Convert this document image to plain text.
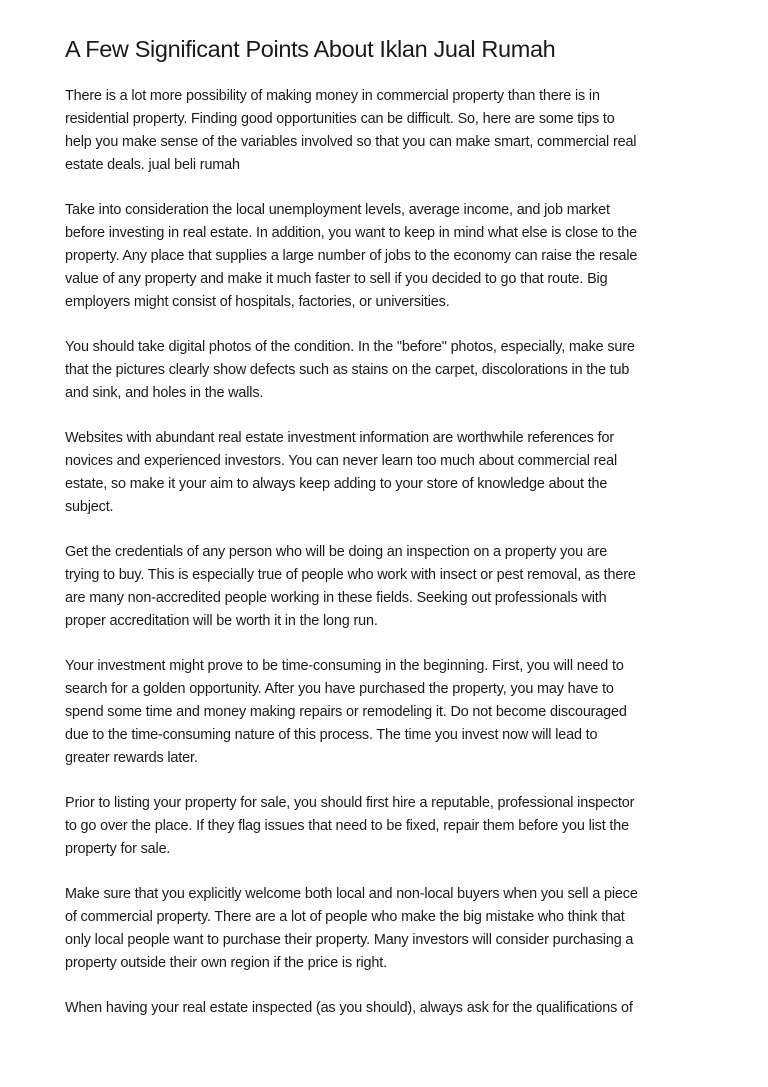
A Few Significant Points About Iklan Jual Rumah

There is a lot more possibility of making money in commercial property than there is in
residential property. Finding good opportunities can be difficult. So, here are some tips to
help you make sense of the variables involved so that you can make smart, commercial real
estate deals. jual beli rumah

Take into consideration the local unemployment levels, average income, and job market
before investing in real estate. In addition, you want to keep in mind what else is close to the
property. Any place that supplies a large number of jobs to the economy can raise the resale
value of any property and make it much faster to sell if you decided to go that route. Big
employers might consist of hospitals, factories, or universities.

You should take digital photos of the condition. In the "before" photos, especially, make sure
that the pictures clearly show defects such as stains on the carpet, discolorations in the tub
and sink, and holes in the walls.

Websites with abundant real estate investment information are worthwhile references for
novices and experienced investors. You can never learn too much about commercial real
estate, so make it your aim to always keep adding to your store of knowledge about the
subject.

Get the credentials of any person who will be doing an inspection on a property you are
trying to buy. This is especially true of people who work with insect or pest removal, as there
are many non-accredited people working in these fields. Seeking out professionals with
proper accreditation will be worth it in the long run.

Your investment might prove to be time-consuming in the beginning. First, you will need to
search for a golden opportunity. After you have purchased the property, you may have to
spend some time and money making repairs or remodeling it. Do not become discouraged
due to the time-consuming nature of this process. The time you invest now will lead to
greater rewards later.

Prior to listing your property for sale, you should first hire a reputable, professional inspector
to go over the place. If they flag issues that need to be fixed, repair them before you list the
property for sale.

Make sure that you explicitly welcome both local and non-local buyers when you sell a piece
of commercial property. There are a lot of people who make the big mistake who think that
only local people want to purchase their property. Many investors will consider purchasing a
property outside their own region if the price is right.

When having your real estate inspected (as you should), always ask for the qualifications of
